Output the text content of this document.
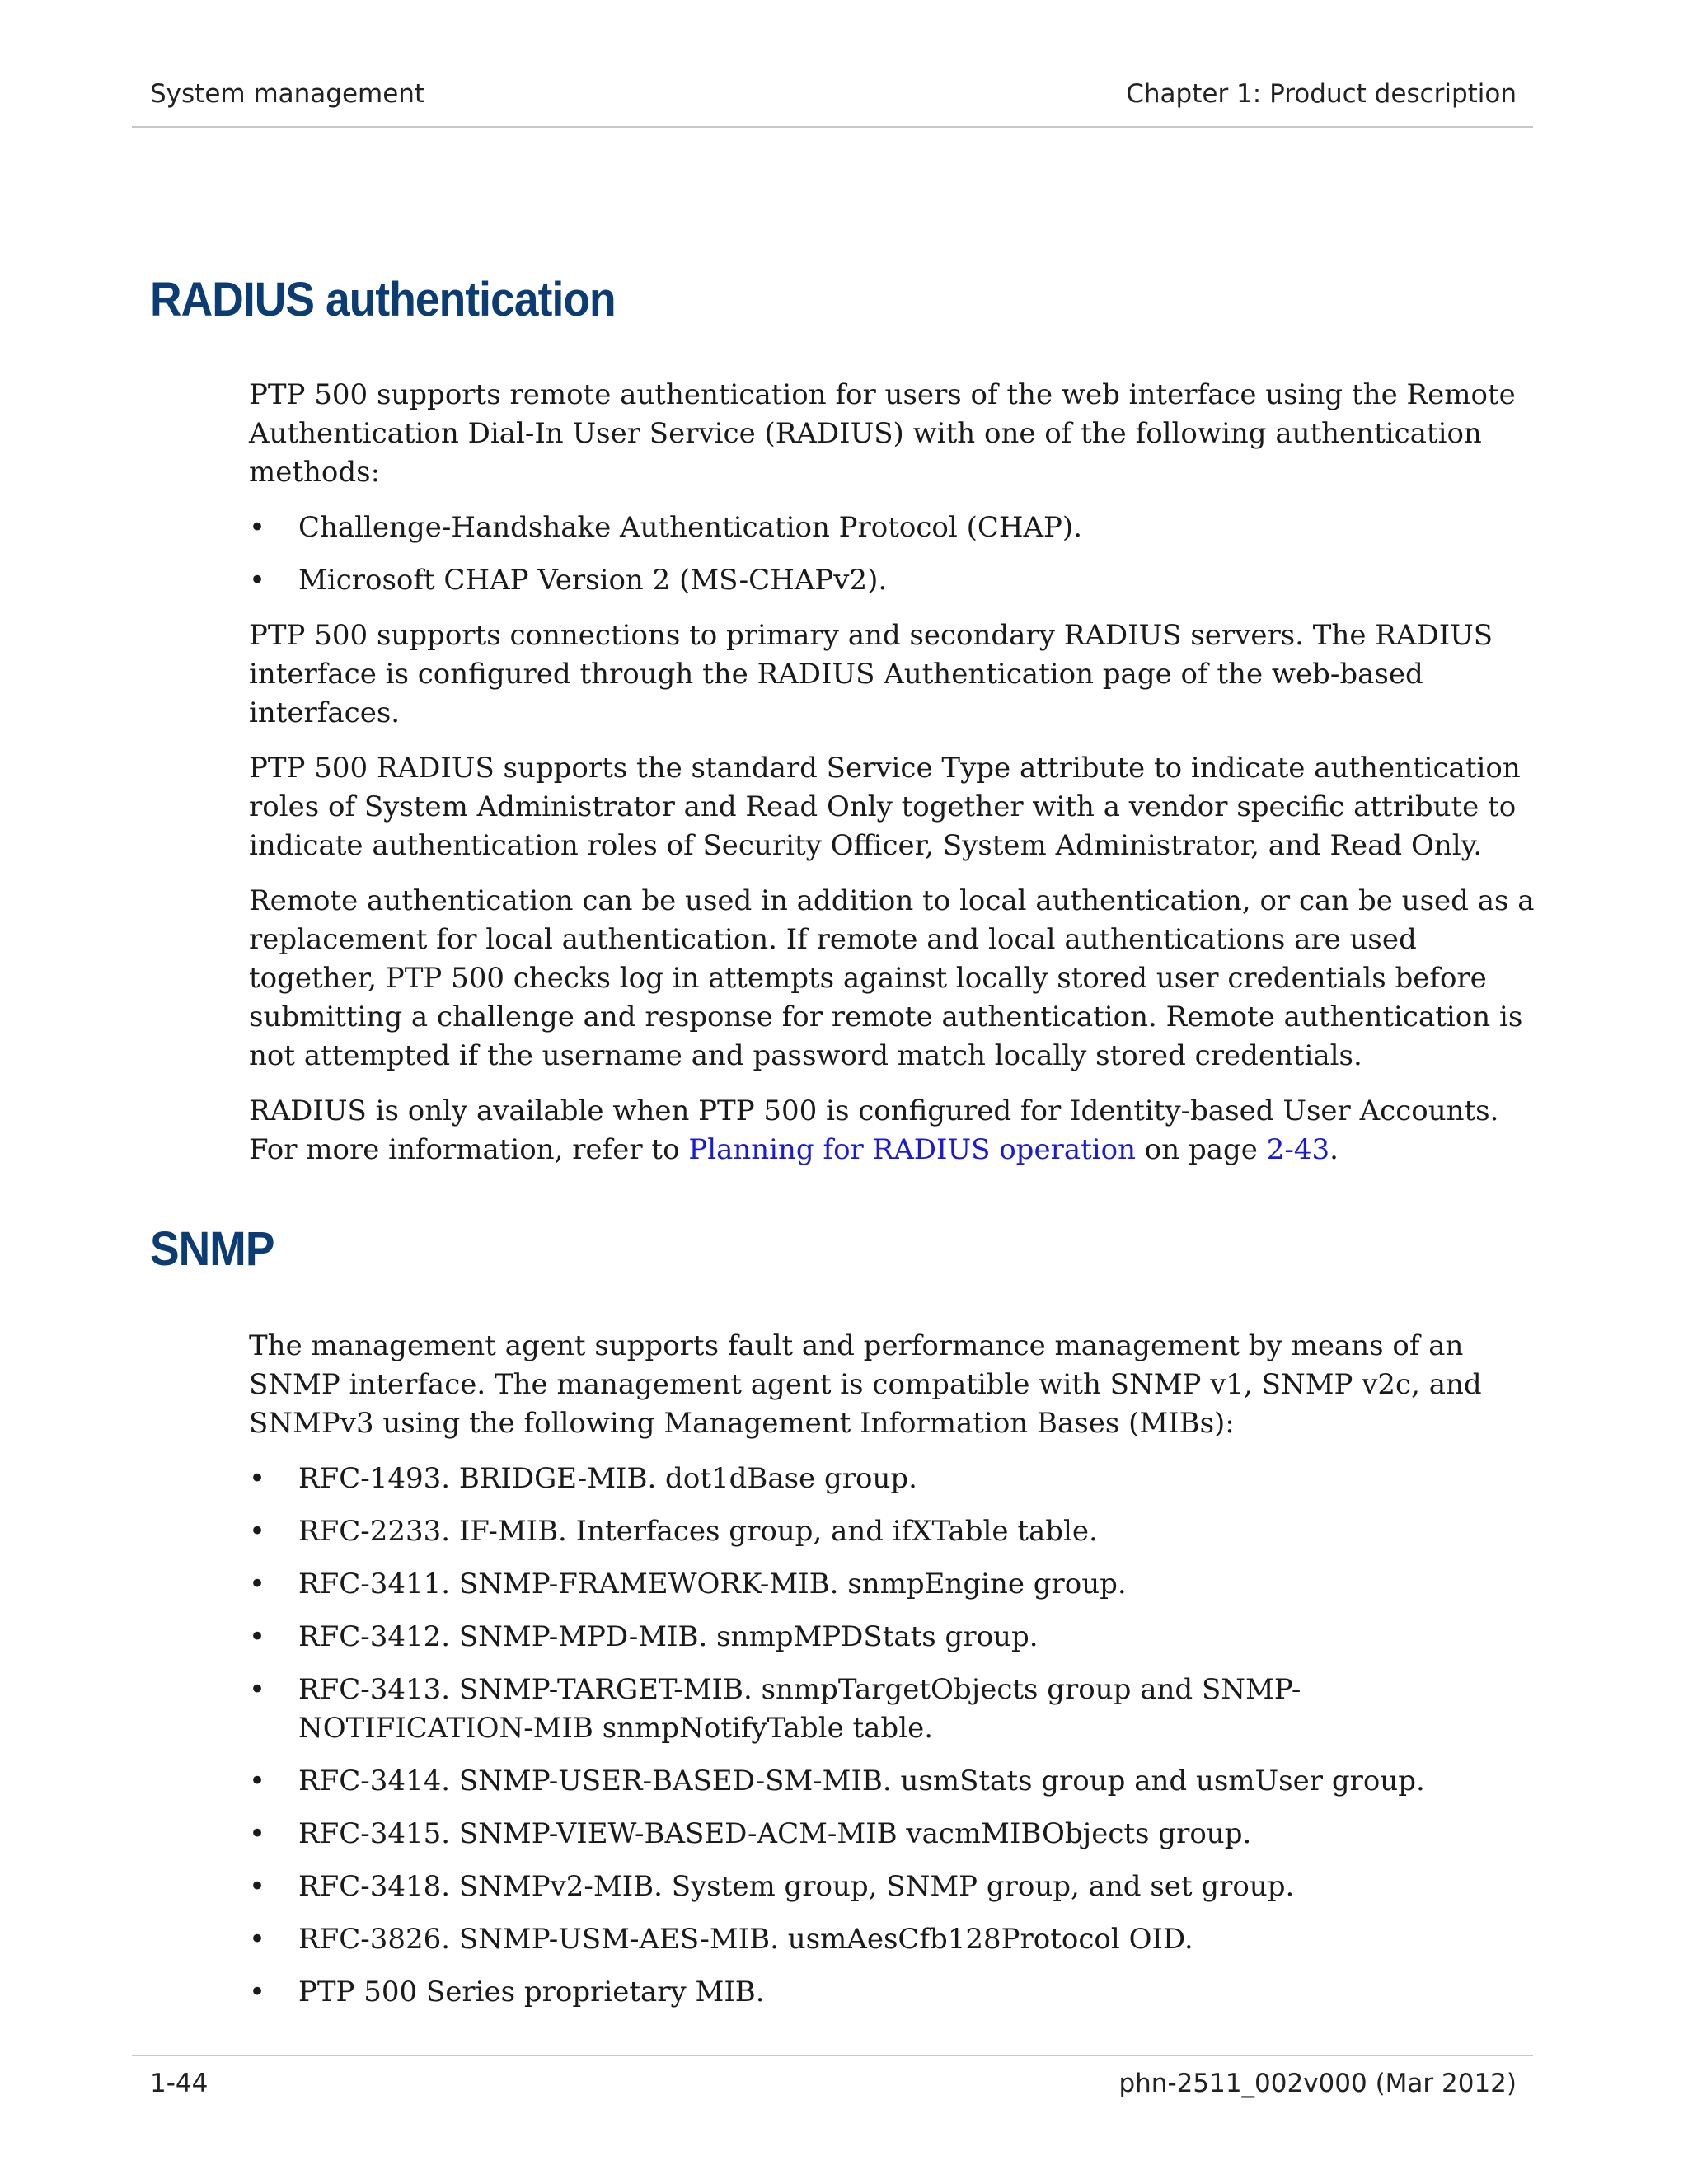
System management	Chapter 1: Product description
RADIUS authentication

PTP 500 supports remote authentication for users of the web interface using the Remote Authentication Dial-In User Service (RADIUS) with one of the following authentication methods:

• Challenge-Handshake Authentication Protocol (CHAP).
• Microsoft CHAP Version 2 (MS-CHAPv2).

PTP 500 supports connections to primary and secondary RADIUS servers. The RADIUS interface is configured through the RADIUS Authentication page of the web-based interfaces.

PTP 500 RADIUS supports the standard Service Type attribute to indicate authentication roles of System Administrator and Read Only together with a vendor specific attribute to indicate authentication roles of Security Officer, System Administrator, and Read Only.

Remote authentication can be used in addition to local authentication, or can be used as a replacement for local authentication. If remote and local authentications are used together, PTP 500 checks log in attempts against locally stored user credentials before submitting a challenge and response for remote authentication. Remote authentication is not attempted if the username and password match locally stored credentials.

RADIUS is only available when PTP 500 is configured for Identity-based User Accounts. For more information, refer to Planning for RADIUS operation on page 2-43.

SNMP

The management agent supports fault and performance management by means of an SNMP interface. The management agent is compatible with SNMP v1, SNMP v2c, and SNMPv3 using the following Management Information Bases (MIBs):

• RFC-1493. BRIDGE-MIB. dot1dBase group.
• RFC-2233. IF-MIB. Interfaces group, and ifXTable table.
• RFC-3411. SNMP-FRAMEWORK-MIB. snmpEngine group.
• RFC-3412. SNMP-MPD-MIB. snmpMPDStats group.
• RFC-3413. SNMP-TARGET-MIB. snmpTargetObjects group and SNMP-NOTIFICATION-MIB snmpNotifyTable table.
• RFC-3414. SNMP-USER-BASED-SM-MIB. usmStats group and usmUser group.
• RFC-3415. SNMP-VIEW-BASED-ACM-MIB vacmMIBObjects group.
• RFC-3418. SNMPv2-MIB. System group, SNMP group, and set group.
• RFC-3826. SNMP-USM-AES-MIB. usmAesCfb128Protocol OID.
• PTP 500 Series proprietary MIB.
1-44	phn-2511_002v000 (Mar 2012)
